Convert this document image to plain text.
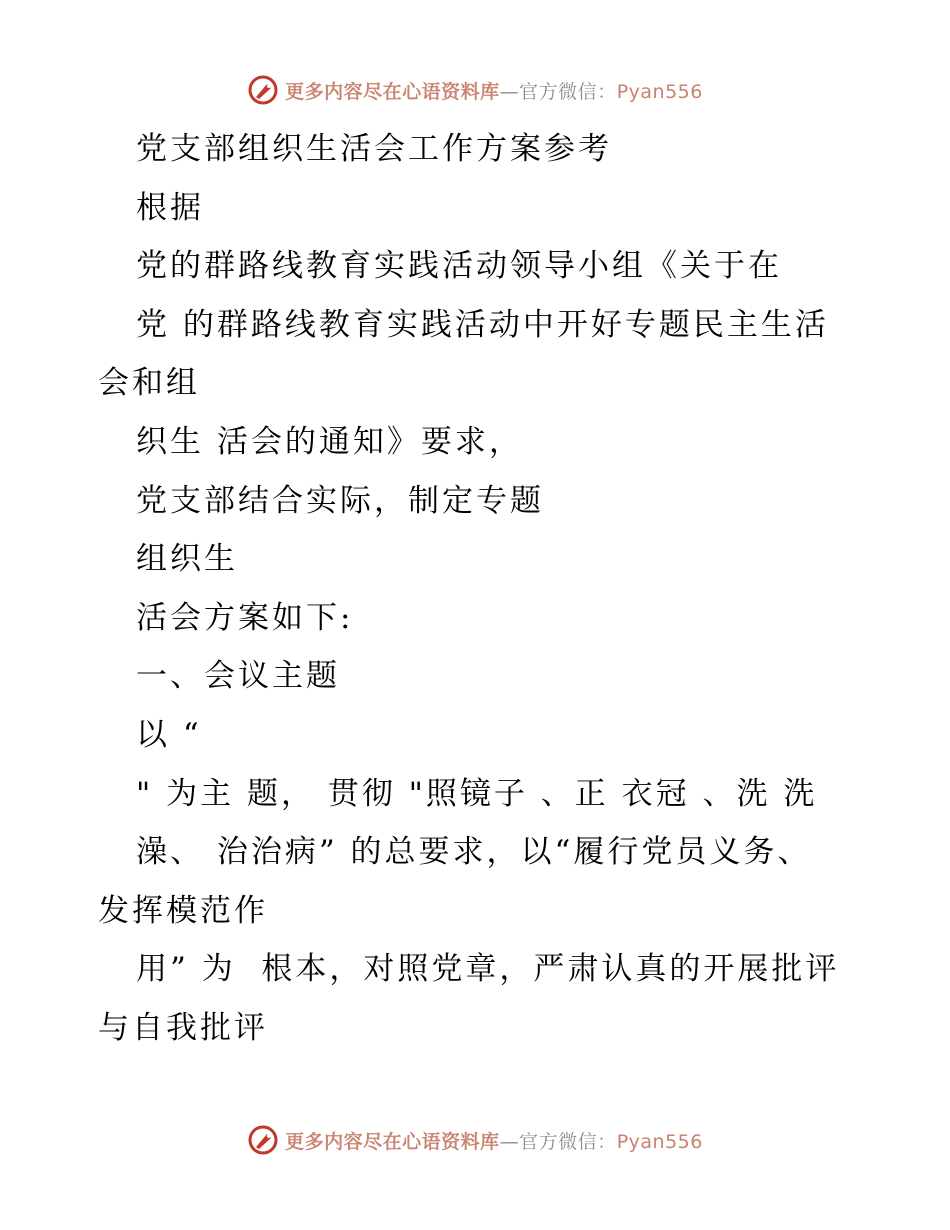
更多内容尽在心语资料库—官方微信：Pyan556
党支部组织生活会工作方案参考
根据
党的群路线教育实践活动领导小组《关于在
党 的群路线教育实践活动中开好专题民主生活
会和组
织生 活会的通知》要求，
党支部结合实际，制定专题
组织生
活会方案如下:
一、会议主题
以 “
" 为主 题， 贯彻 "照镜子 、正 衣冠 、洗 洗
澡、 治治病” 的总要求，以“履行党员义务、
发挥模范作
用” 为  根本，对照党章，严肃认真的开展批评
与自我批评
更多内容尽在心语资料库—官方微信：Pyan556
